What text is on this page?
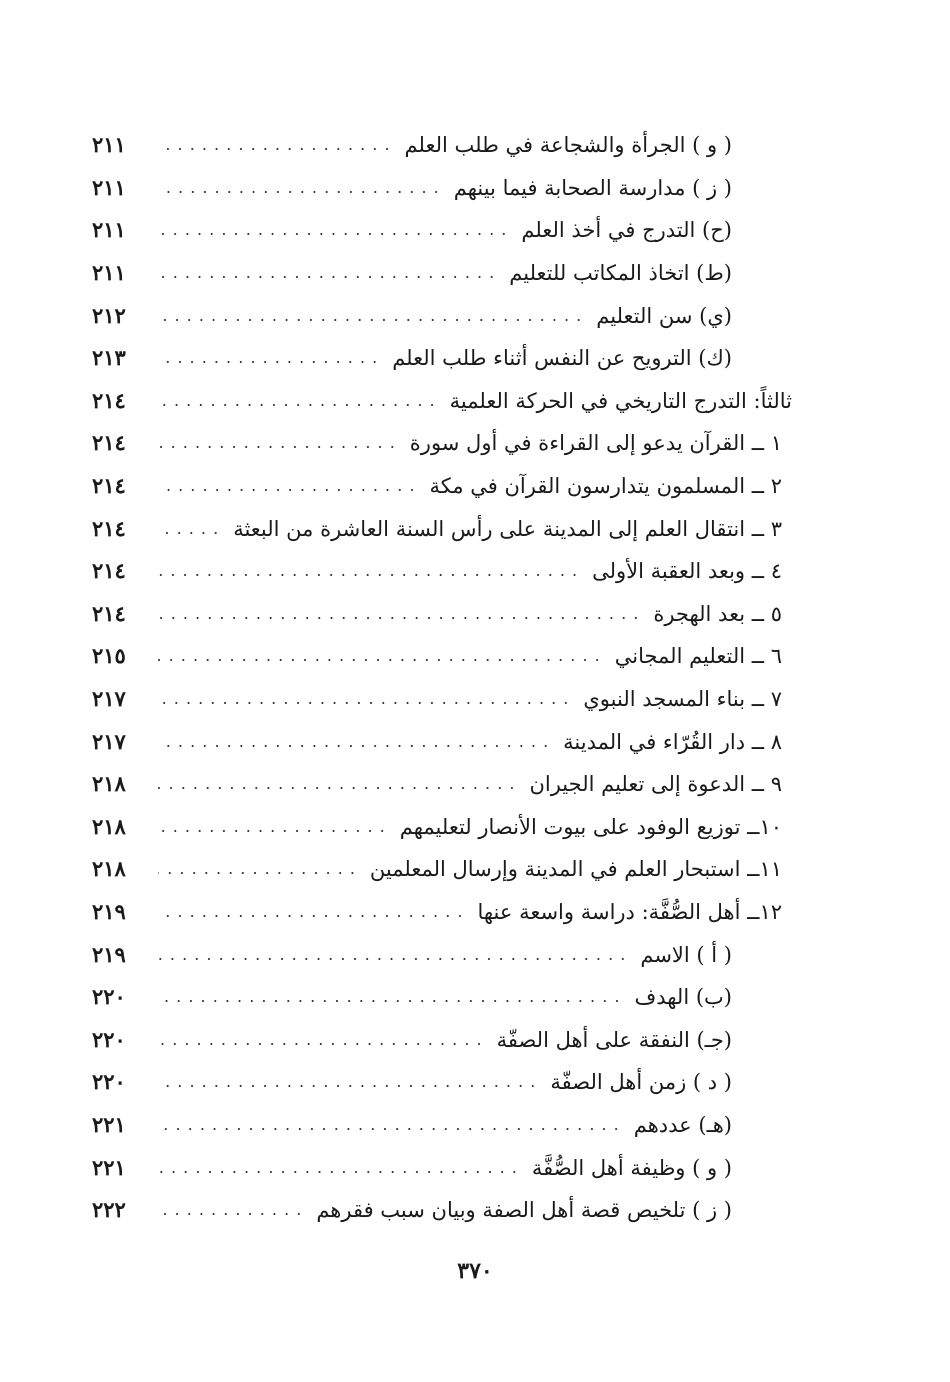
( و ) الجرأة والشجاعة في طلب العلم
. . .
٢١١
( ز ) مدارسة الصحابة فيما بينهم
. . .
٢١١
(ح) التدرج في أخذ العلم
. . .
٢١١
(ط) اتخاذ المكاتب للتعليم
. . .
٢١١
(ي) سن التعليم
. . .
٢١٢
(ك) الترويح عن النفس أثناء طلب العلم
. . .
٢١٣
ثالثاً: التدرج التاريخي في الحركة العلمية
. . .
٢١٤
١ ــ القرآن يدعو إلى القراءة في أول سورة
. . .
٢١٤
٢ ــ المسلمون يتدارسون القرآن في مكة
. . .
٢١٤
٣ ــ انتقال العلم إلى المدينة على رأس السنة العاشرة من البعثة
. . .
٢١٤
٤ ــ وبعد العقبة الأولى
. . .
٢١٤
٥ ــ بعد الهجرة
. . .
٢١٤
٦ ــ التعليم المجاني
. . .
٢١٥
٧ ــ بناء المسجد النبوي
. . .
٢١٧
٨ ــ دار القُرّاء في المدينة
. . .
٢١٧
٩ ــ الدعوة إلى تعليم الجيران
. . .
٢١٨
١٠ــ توزيع الوفود على بيوت الأنصار لتعليمهم
. . .
٢١٨
١١ــ استبحار العلم في المدينة وإرسال المعلمين
. . .
٢١٨
١٢ــ أهل الصُّفَّة: دراسة واسعة عنها
. . .
٢١٩
( أ ) الاسم
. . .
٢١٩
(ب) الهدف
. . .
٢٢٠
(جـ) النفقة على أهل الصفّة
. . .
٢٢٠
( د ) زمن أهل الصفّة
. . .
٢٢٠
(هـ) عددهم
. . .
٢٢١
( و ) وظيفة أهل الصُّفَّة
. . .
٢٢١
( ز ) تلخيص قصة أهل الصفة وبيان سبب فقرهم
. . .
٢٢٢
٣٧٠
